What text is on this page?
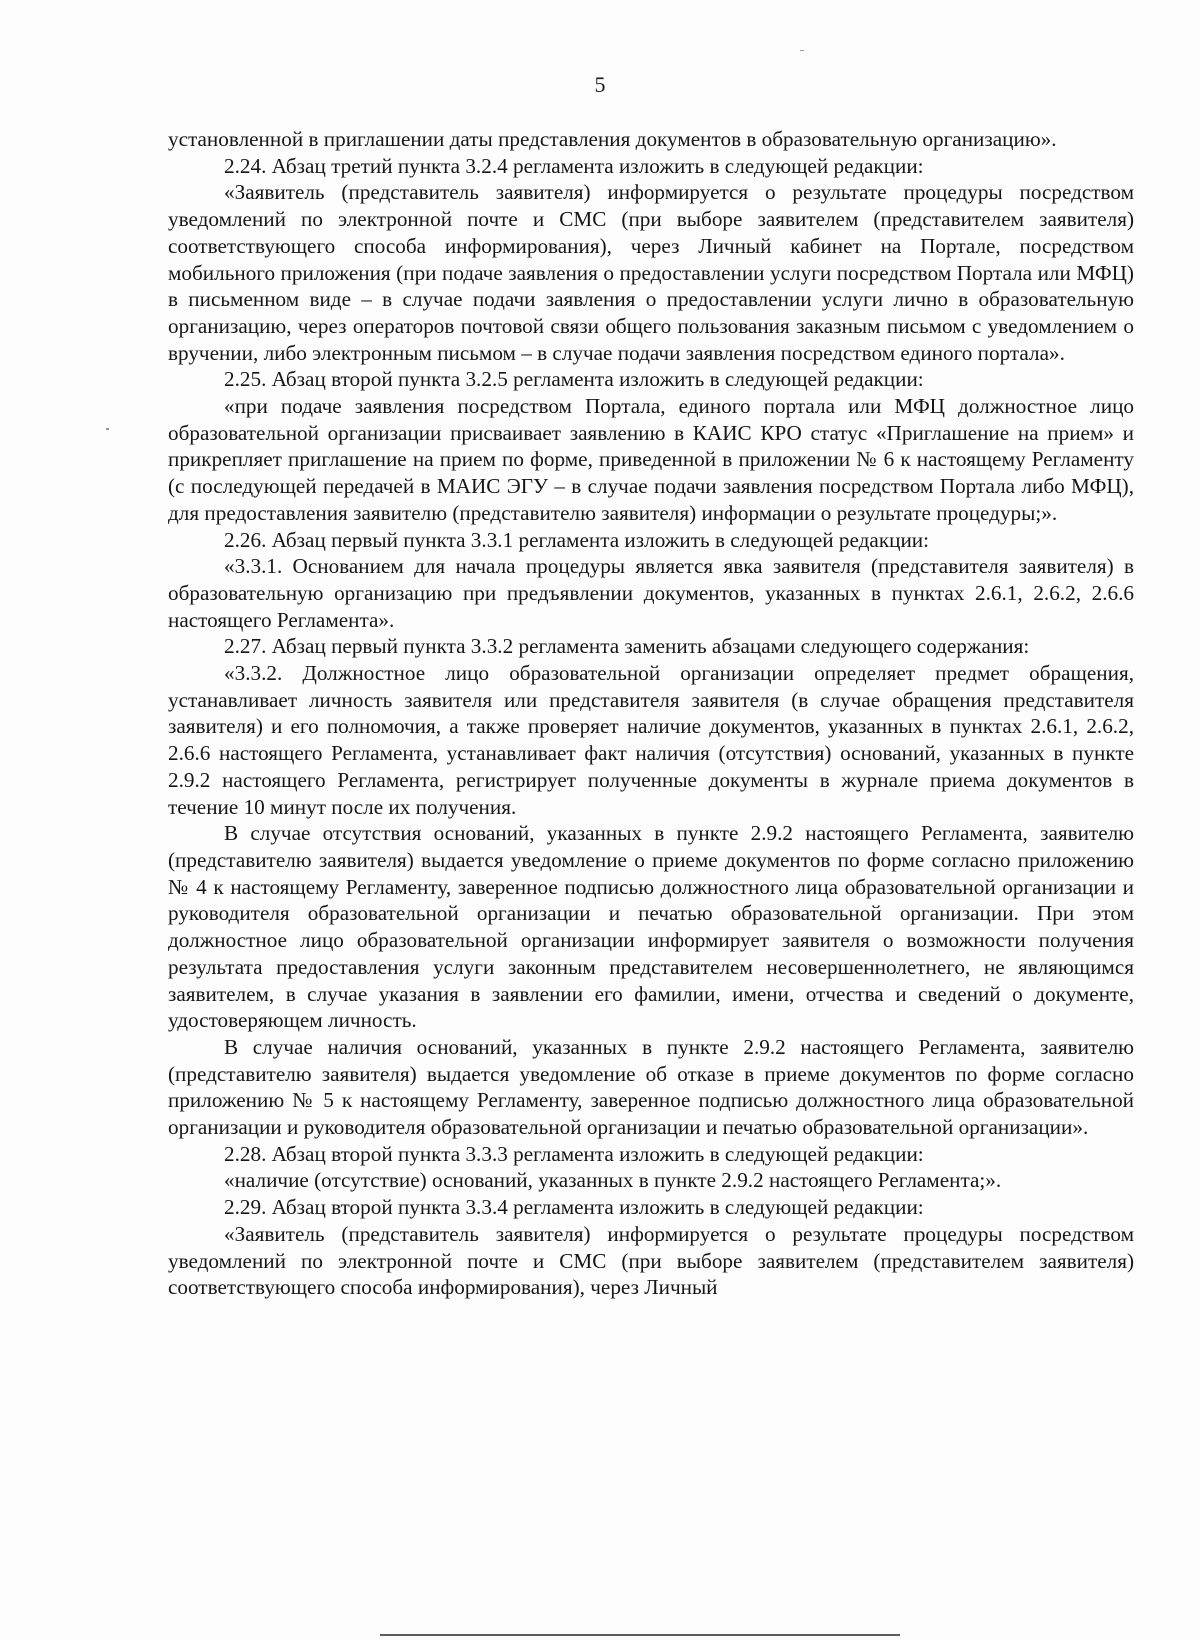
5

установленной в приглашении даты представления документов в образовательную организацию».

2.24. Абзац третий пункта 3.2.4 регламента изложить в следующей редакции:

«Заявитель (представитель заявителя) информируется о результате процедуры посредством уведомлений по электронной почте и СМС (при выборе заявителем (представителем заявителя) соответствующего способа информирования), через Личный кабинет на Портале, посредством мобильного приложения (при подаче заявления о предоставлении услуги посредством Портала или МФЦ) в письменном виде – в случае подачи заявления о предоставлении услуги лично в образовательную организацию, через операторов почтовой связи общего пользования заказным письмом с уведомлением о вручении, либо электронным письмом – в случае подачи заявления посредством единого портала».

2.25. Абзац второй пункта 3.2.5 регламента изложить в следующей редакции:

«при подаче заявления посредством Портала, единого портала или МФЦ должностное лицо образовательной организации присваивает заявлению в КАИС КРО статус «Приглашение на прием» и прикрепляет приглашение на прием по форме, приведенной в приложении № 6 к настоящему Регламенту (с последующей передачей в МАИС ЭГУ – в случае подачи заявления посредством Портала либо МФЦ), для предоставления заявителю (представителю заявителя) информации о результате процедуры;».

2.26. Абзац первый пункта 3.3.1 регламента изложить в следующей редакции:

«3.3.1. Основанием для начала процедуры является явка заявителя (представителя заявителя) в образовательную организацию при предъявлении документов, указанных в пунктах 2.6.1, 2.6.2, 2.6.6 настоящего Регламента».

2.27. Абзац первый пункта 3.3.2 регламента заменить абзацами следующего содержания:

«3.3.2. Должностное лицо образовательной организации определяет предмет обращения, устанавливает личность заявителя или представителя заявителя (в случае обращения представителя заявителя) и его полномочия, а также проверяет наличие документов, указанных в пунктах 2.6.1, 2.6.2, 2.6.6 настоящего Регламента, устанавливает факт наличия (отсутствия) оснований, указанных в пункте 2.9.2 настоящего Регламента, регистрирует полученные документы в журнале приема документов в течение 10 минут после их получения.

В случае отсутствия оснований, указанных в пункте 2.9.2 настоящего Регламента, заявителю (представителю заявителя) выдается уведомление о приеме документов по форме согласно приложению № 4 к настоящему Регламенту, заверенное подписью должностного лица образовательной организации и руководителя образовательной организации и печатью образовательной организации. При этом должностное лицо образовательной организации информирует заявителя о возможности получения результата предоставления услуги законным представителем несовершеннолетнего, не являющимся заявителем, в случае указания в заявлении его фамилии, имени, отчества и сведений о документе, удостоверяющем личность.

В случае наличия оснований, указанных в пункте 2.9.2 настоящего Регламента, заявителю (представителю заявителя) выдается уведомление об отказе в приеме документов по форме согласно приложению № 5 к настоящему Регламенту, заверенное подписью должностного лица образовательной организации и руководителя образовательной организации и печатью образовательной организации».

2.28. Абзац второй пункта 3.3.3 регламента изложить в следующей редакции:

«наличие (отсутствие) оснований, указанных в пункте 2.9.2 настоящего Регламента;».

2.29. Абзац второй пункта 3.3.4 регламента изложить в следующей редакции:

«Заявитель (представитель заявителя) информируется о результате процедуры посредством уведомлений по электронной почте и СМС (при выборе заявителем (представителем заявителя) соответствующего способа информирования), через Личный
